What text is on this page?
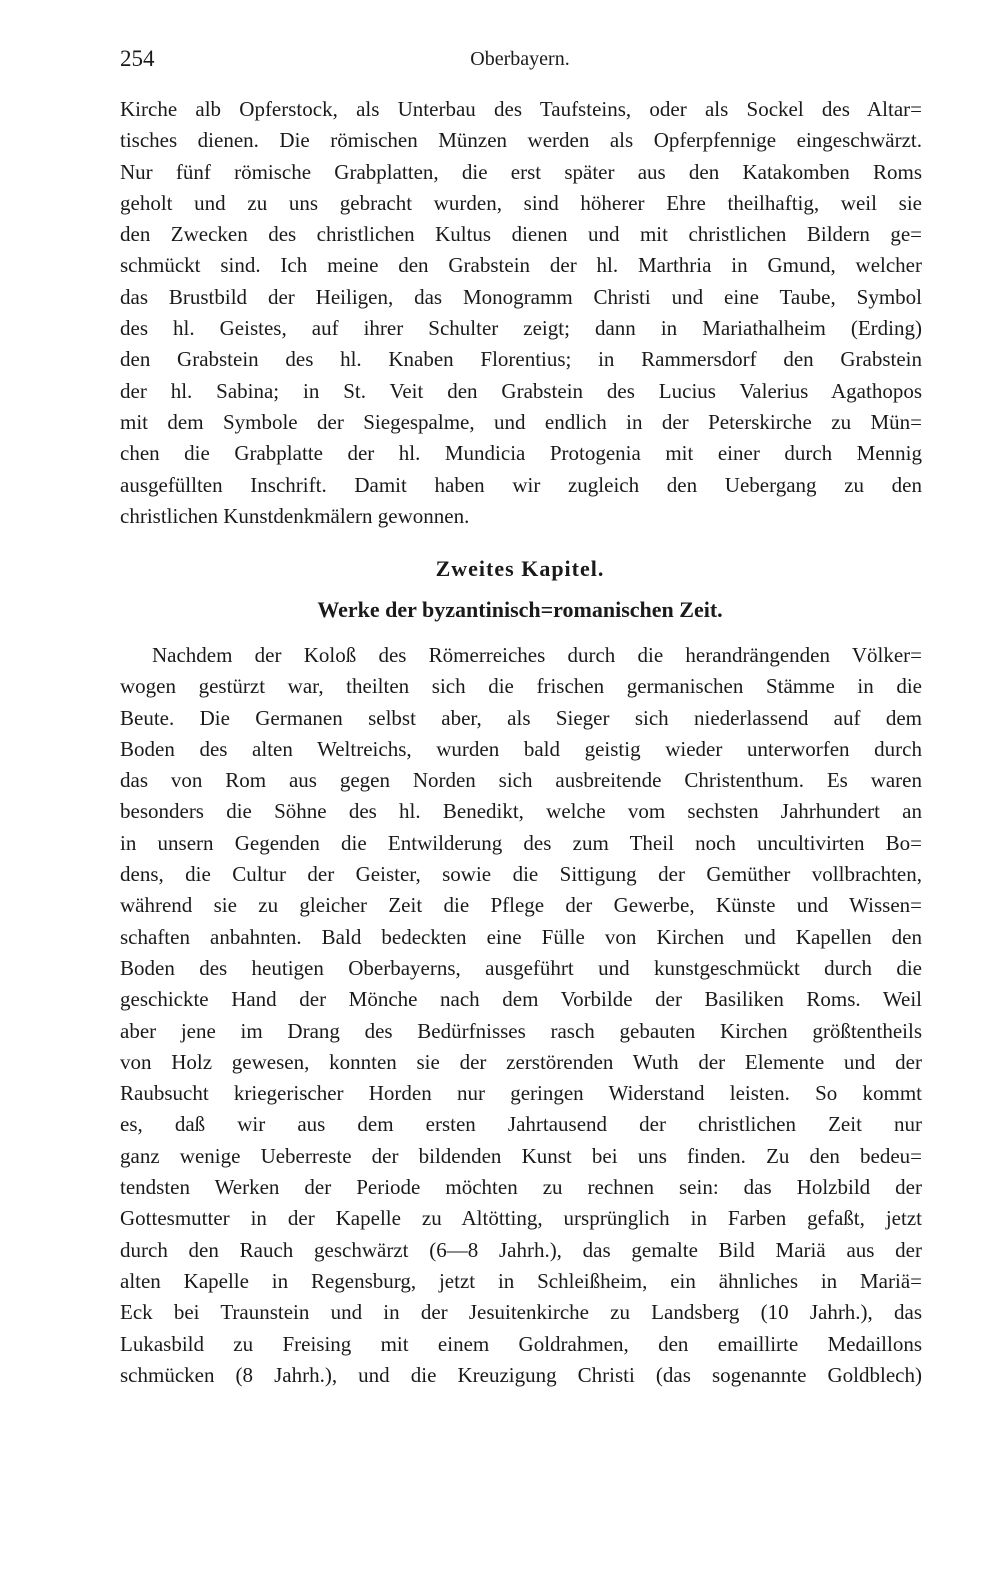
254	Oberbayern.
Kirche alb Opferstock, als Unterbau des Taufsteins, oder als Sockel des Altar=
tisches dienen. Die römischen Münzen werden als Opferpfennige eingeschwärzt.
Nur fünf römische Grabplatten, die erst später aus den Katakomben Roms
geholt und zu uns gebracht wurden, sind höherer Ehre theilhaftig, weil sie
den Zwecken des christlichen Kultus dienen und mit christlichen Bildern ge=
schmückt sind. Ich meine den Grabstein der hl. Marthria in Gmund, welcher
das Brustbild der Heiligen, das Monogramm Christi und eine Taube, Symbol
des hl. Geistes, auf ihrer Schulter zeigt; dann in Mariathalheim (Erding)
den Grabstein des hl. Knaben Florentius; in Rammersdorf den Grabstein
der hl. Sabina; in St. Veit den Grabstein des Lucius Valerius Agathopos
mit dem Symbole der Siegespalme, und endlich in der Peterskirche zu Mün=
chen die Grabplatte der hl. Mundicia Protogenia mit einer durch Mennig
ausgefüllten Inschrift. Damit haben wir zugleich den Uebergang zu den
christlichen Kunstdenkmälern gewonnen.
Zweites Kapitel.
Werke der byzantinisch=romanischen Zeit.
Nachdem der Koloß des Römerreiches durch die herandrängenden Völker=
wogen gestürzt war, theilten sich die frischen germanischen Stämme in die
Beute. Die Germanen selbst aber, als Sieger sich niederlassend auf dem
Boden des alten Weltreichs, wurden bald geistig wieder unterworfen durch
das von Rom aus gegen Norden sich ausbreitende Christenthum. Es waren
besonders die Söhne des hl. Benedikt, welche vom sechsten Jahrhundert an
in unsern Gegenden die Entwilderung des zum Theil noch uncultivirten Bo=
dens, die Cultur der Geister, sowie die Sittigung der Gemüther vollbrachten,
während sie zu gleicher Zeit die Pflege der Gewerbe, Künste und Wissen=
schaften anbahnten. Bald bedeckten eine Fülle von Kirchen und Kapellen den
Boden des heutigen Oberbayerns, ausgeführt und kunstgeschmückt durch die
geschickte Hand der Mönche nach dem Vorbilde der Basiliken Roms. Weil
aber jene im Drang des Bedürfnisses rasch gebauten Kirchen größtentheils
von Holz gewesen, konnten sie der zerstörenden Wuth der Elemente und der
Raubsucht kriegerischer Horden nur geringen Widerstand leisten. So kommt
es, daß wir aus dem ersten Jahrtausend der christlichen Zeit nur
ganz wenige Ueberreste der bildenden Kunst bei uns finden. Zu den bedeu=
tendsten Werken der Periode möchten zu rechnen sein: das Holzbild der
Gottesmutter in der Kapelle zu Altötting, ursprünglich in Farben gefaßt, jetzt
durch den Rauch geschwärzt (6—8 Jahrh.), das gemalte Bild Mariä aus der
alten Kapelle in Regensburg, jetzt in Schleißheim, ein ähnliches in Mariä=
Eck bei Traunstein und in der Jesuitenkirche zu Landsberg (10 Jahrh.), das
Lukasbild zu Freising mit einem Goldrahmen, den emaillirte Medaillons
schmücken (8 Jahrh.), und die Kreuzigung Christi (das sogenannte Goldblech)
